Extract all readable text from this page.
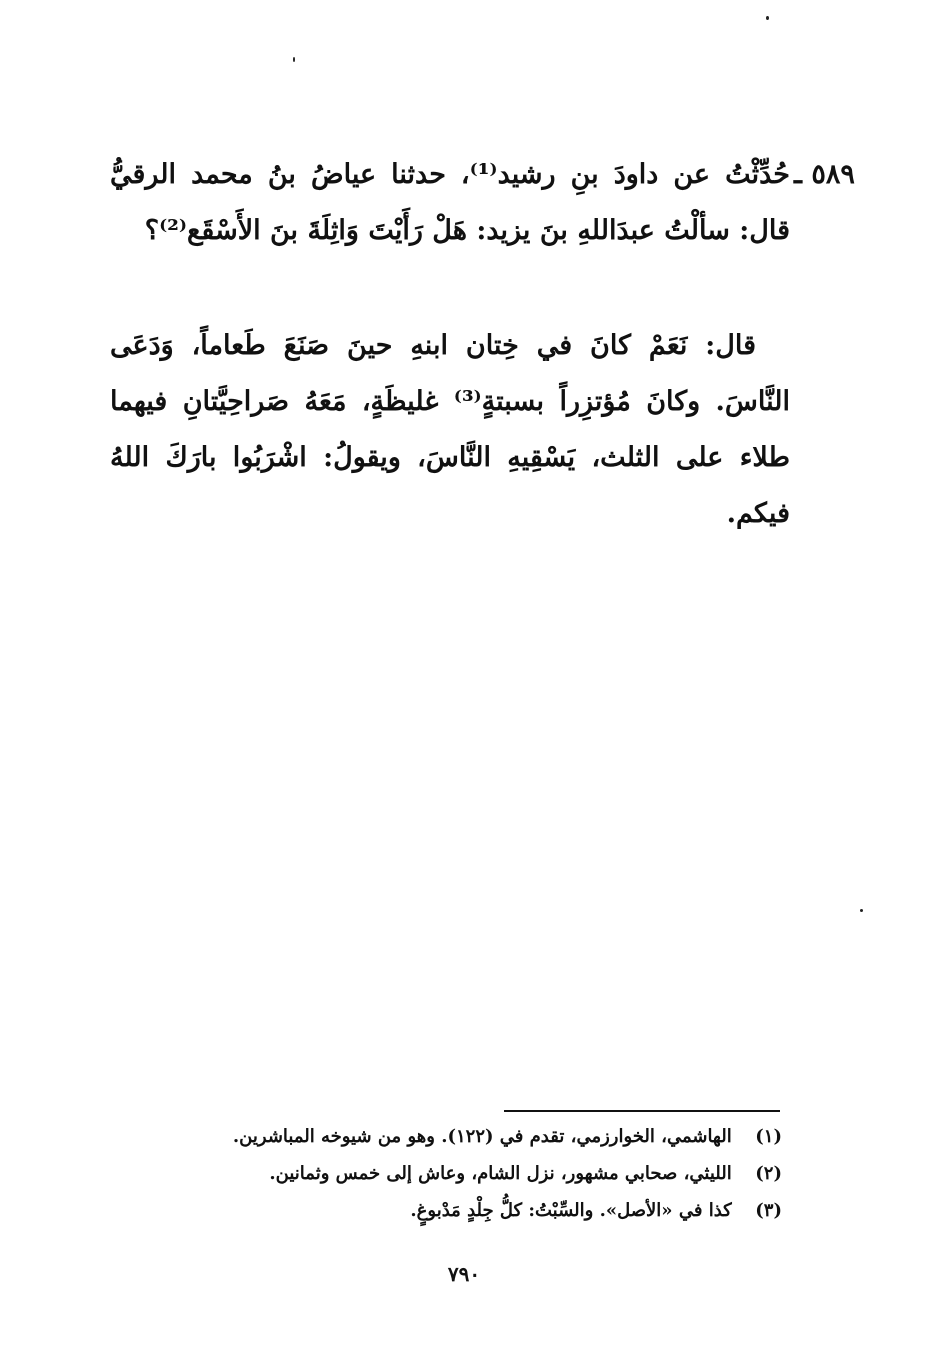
٥٨٩ ـ

حُدِّثْتُ عن داودَ بنِ رشيد⁽¹⁾، حدثنا عياضُ بنُ محمد الرقيُّ قال: سألْتُ عبدَاللهِ بنَ يزيد: هَلْ رَأَيْتَ وَاثِلَةَ بنَ الأَسْقَع⁽²⁾؟

قال: نَعَمْ كانَ في خِتان ابنهِ حينَ صَنَعَ طَعاماً، وَدَعَى النَّاسَ. وكانَ مُؤتزِراً بسبتةٍ⁽³⁾ غليظَةٍ، مَعَهُ صَراحِيَّتانِ فيهما طلاء على الثلث، يَسْقِيهِ النَّاسَ، ويقولُ: اشْرَبُوا بارَكَ اللهُ فيكم.

(١) الهاشمي، الخوارزمي، تقدم في (١٢٢). وهو من شيوخه المباشرين.
(٢) الليثي، صحابي مشهور، نزل الشام، وعاش إلى خمس وثمانين.
(٣) كذا في «الأصل». والسِّبْتُ: كلُّ جِلْدٍ مَدْبوغٍ.
٧٩٠
